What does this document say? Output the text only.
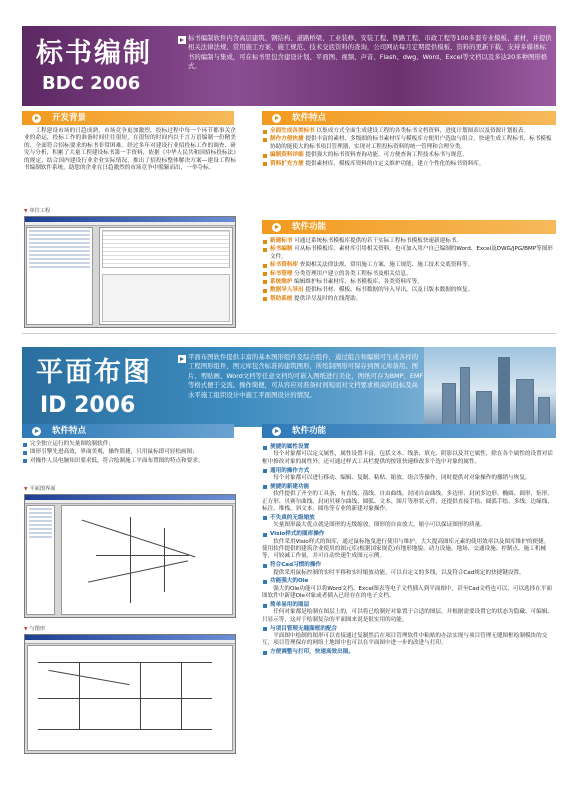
标书编制
BDC 2006
标书编制软件内含高层建筑、钢结构、道路桥梁、工业装修、安装工程、铁路工程、市政工程等100多套专业模板、素材，并提供相关法律法规、常用施工方案、施工规范、技术交底资料的查询，公司网站每月定期提供模板、资料的更新下载，支持多媒体标书的编制与集成，可在标书里包含建设计划、平面图、视频、声音、Flash、dwg、Word、Excel等文档以及多达20多种图形格式。
开发背景
工程建设市场的日趋成熟，市场竞争更加激烈，投标过程中每一个环节都事关企业的命运，投标工作的准备时间往往很短，在很短的时间内以千言万语编制一份精美的、全面符合招标要求的标书非常困难。经过多年对建设行业招投标工作的调查、研究与分析，积累了大量工程建设标书第一手资料，依据《中华人民共和国招标投标法》的规定，结合国内建设行业企业实际情况，推出了招投标整体解决方案—建设工程标书编制软件系统，助您的企业在日趋激烈的市场竞争中脱颖而出，一举夺标。
▼ 单位工程
软件特点
全面生成各类标书 以集成方式全面生成建设工程的各类标书文档资料，进度计划图表以及资源计划报表。
制作方便快捷 提供丰富的素材、多级细的标书素材库与模板库方便用户选取与组合，快速生成工程标书，标书模板协助的能使大的标书项目管理器，实现对工程投标资料的统一管理和合理分类。
编制资料详细 提供强大的标书资料查询功能，可方便查询工程技术标书与规范。
资料扩充方便 提供素材库、模板库资料的自定义维护功能，建立个性化的标书资料库。
软件功能
新建标书 可通过系统标书模板库提供的若干实际工程标书模板快速新建标书。
标书编制 可从标书模板库、素材库引用相关资料，也可加入用户自己编制的Word、Excel及DWG/JPG/BMP等图形文件。
标书资料库 查阅相关法律法规、常用施工方案、施工规范、施工技术交底资料等。
标书管理 分类管理用户建立的各类工程标书及相关信息。
系统维护 编辑维护标书素材库、标书模板库、各类资料库等。
数据导入导出 提供标书材、模板、标书数据的导入导出，以及日版本数据的恢复。
帮助系统 提供详尽及时的在线帮助。
平面布图
ID 2006
平面布图软件提供丰富的基本图形组件及综合组件，通过组合和编辑可生成各样的工程图形组件，图元库包含标准的建筑图形，所绘制图形可保存到图元库备用。图片、剪贴画、Word文档等任意文档均可嵌入图纸进行美化，图纸可存为BMP、EMF等格式便于交流。操作简便，可从容应对准备时间短而对文档要求极高的投标及高水平施工组织设计中施工平面图设计的情况。
软件特点
完全独立运行的矢量图绘制软件；
图形引擎先进高效，界面美观，操作简捷，只用鼠标即可轻松画图；
对操作人员电脑知识要求低，符合绘制施工平面布置图的特点和要求。
▼ 平面图界面
▼ 与图形
软件功能
便捷的属性设置
每个对象都可以定义属性，属性设置丰富，包括文本、线条、填充、阴影以及其它属性，除在各个属性的设置对话框中修改对象的属性外，还可通过样式工具栏提供的按钮快速修改多个选中对象的属性。
通用的操作方式
每个对象都可以进行移动、编辑、复制、粘贴、缩放、组合等操作，同时提供对对象操作的撤销与恢复。
便捷的新建功能
软件提供了齐全的工具条，有直线、箭线、自由曲线、封闭自由曲线、多边形、封闭多边形、椭圆、圆形、矩形、正方形、贝赛尔曲线、封闭贝赛尔曲线、圆弧、文本、图片等形状元件，还提供直接手绘、圆弧手绘、多线、边缘线、标注、堆栈、斜文本、圆角等专业的新建对象操作。
不失真的无级缩放
矢量图形最大优点就是图形的无级缩放，图形的自由放大、缩小可以保证图形的质量。
Visio样式的图库操作
软件采用Visio样式的图库，通过鼠标拖曳进行使用与维护。大大提高图库元素的使用效率以及图库维护的便捷。使用软件提供的建筑企业使用的图元库(根据国家规范)有地形地貌、动力设施、地场、交通设施、控制点、施工机械等，可较减工作量，并可自动快速生成图元示例。
符合Cad习惯的操作
提供采用鼠标控制的实时平移和实时缩放功能，可以自定义的多线，以及符合Cad规定的快捷键设置。
功能强大的Ole
强大的Ole功能可以将Word文档、Excel图表等电子文档插入到平面图中，甚至Cad文档也可以，可以选择在平面图软件中新建Ole对象或者插入已经存在的电子文档。
简单易用的图层
任何对象都是绘制在图层上的，可以将已绘制好对象置于合适的图层，并根据需要设置它的状态为隐藏、可编辑、只显示等，这对于绘制复杂的平面图来说是很实用的功能。
与项目管理无缝图框的配合
平面图中绘制的图形可以直接通过复制然后在项目管理软件中粘贴的办法实现与项目管理无缝图框绘制模块的交互，项目管理保存的网络土地图中也可以在平面图中进一步的改进与打印。
方便调整与打印，快速高效出图。
